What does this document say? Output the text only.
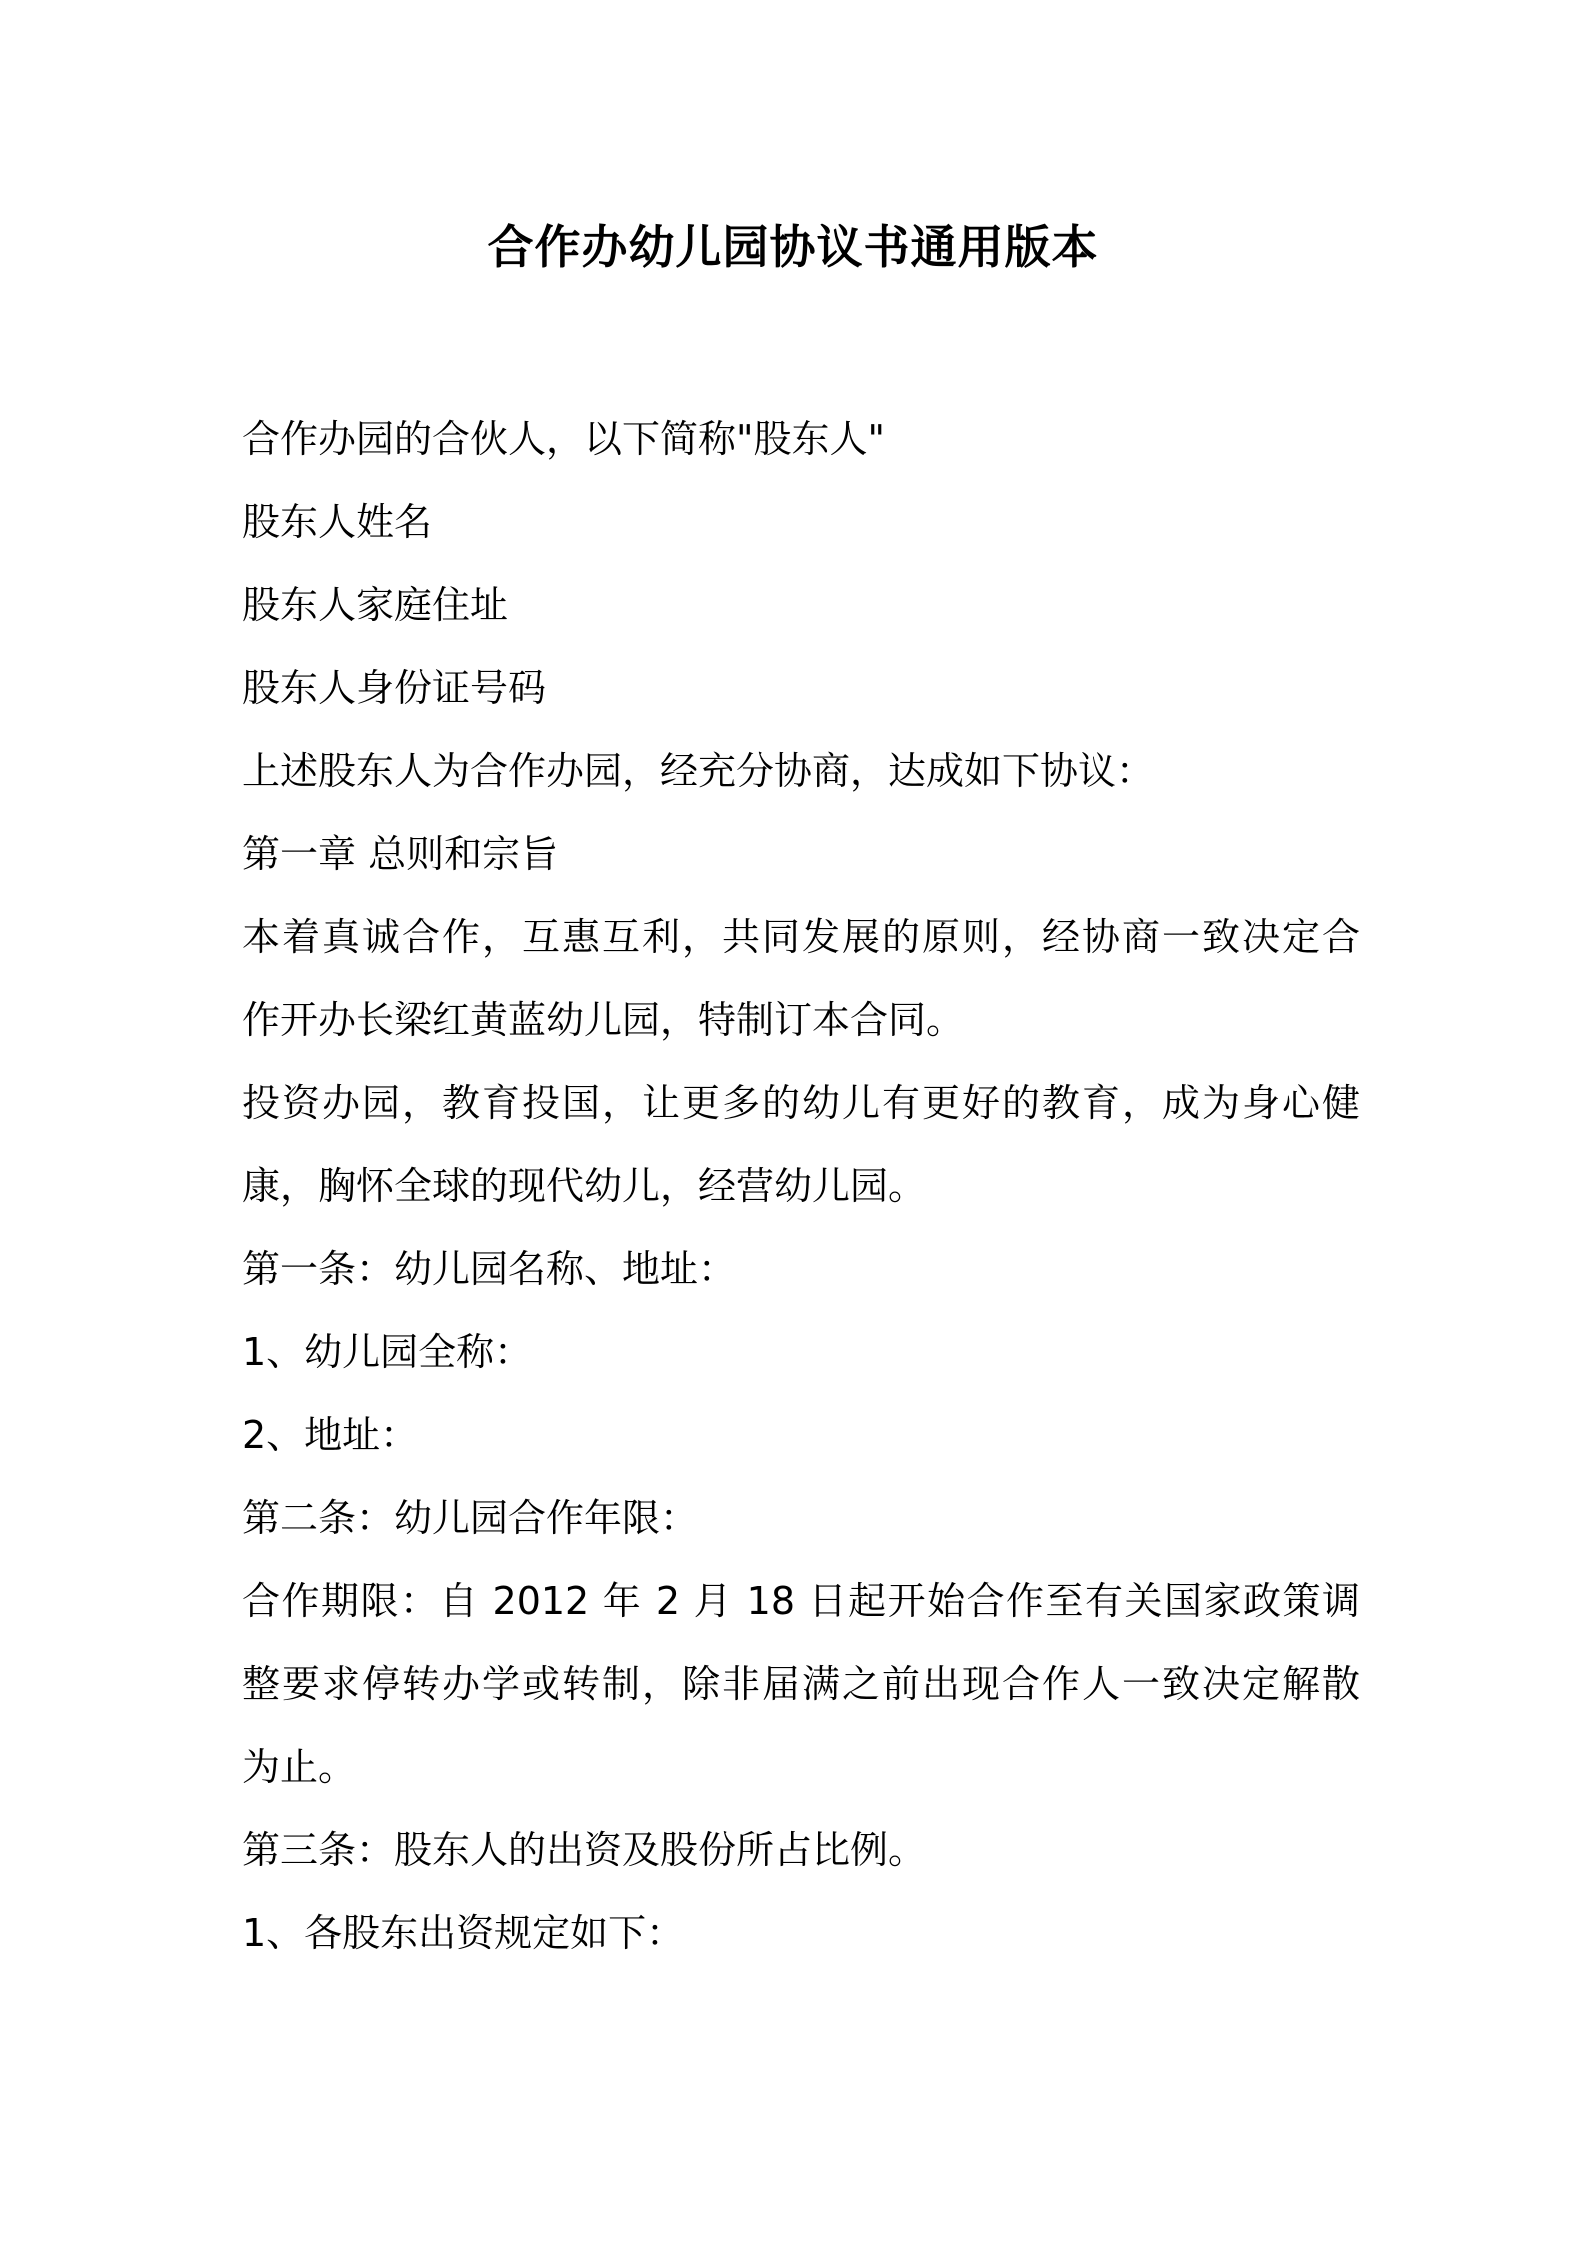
合作办幼儿园协议书通用版本
合作办园的合伙人，以下简称"股东人"
股东人姓名
股东人家庭住址
股东人身份证号码
上述股东人为合作办园，经充分协商，达成如下协议：
第一章 总则和宗旨
本着真诚合作，互惠互利，共同发展的原则，经协商一致决定合
作开办长梁红黄蓝幼儿园，特制订本合同。
投资办园，教育投国，让更多的幼儿有更好的教育，成为身心健
康，胸怀全球的现代幼儿，经营幼儿园。
第一条：幼儿园名称、地址：
1、幼儿园全称：
2、地址：
第二条：幼儿园合作年限：
合作期限：自 2012 年 2 月 18 日起开始合作至有关国家政策调
整要求停转办学或转制，除非届满之前出现合作人一致决定解散
为止。
第三条：股东人的出资及股份所占比例。
1、各股东出资规定如下：
